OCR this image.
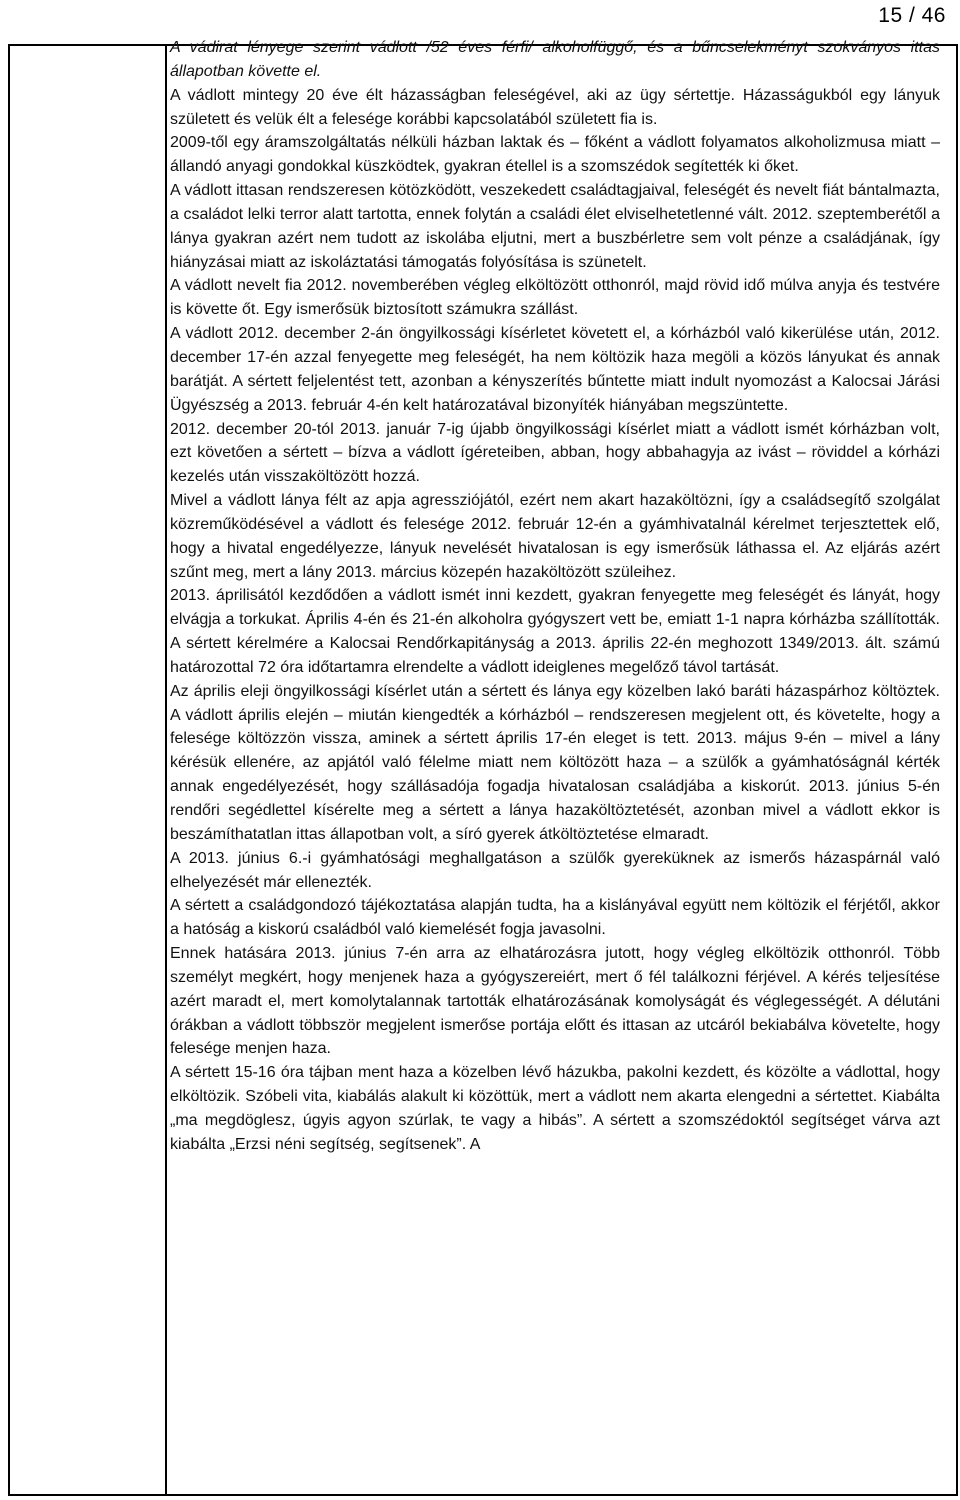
15 / 46

A vádirat lényege szerint vádlott /52 éves férfi/ alkoholfüggő, és a bűncselekményt szokványos ittas állapotban követte el.

A vádlott mintegy 20 éve élt házasságban feleségével, aki az ügy sértettje. Házasságukból egy lányuk született és velük élt a felesége korábbi kapcsolatából született fia is.

2009-től egy áramszolgáltatás nélküli házban laktak és – főként a vádlott folyamatos alkoholizmusa miatt – állandó anyagi gondokkal küszködtek, gyakran étellel is a szomszédok segítették ki őket.

A vádlott ittasan rendszeresen kötözködött, veszekedett családtagjaival, feleségét és nevelt fiát bántalmazta, a családot lelki terror alatt tartotta, ennek folytán a családi élet elviselhetetlenné vált. 2012. szeptemberétől a lánya gyakran azért nem tudott az iskolába eljutni, mert a buszbérletre sem volt pénze a családjának, így hiányzásai miatt az iskoláztatási támogatás folyósítása is szünetelt.

A vádlott nevelt fia 2012. novemberében végleg elköltözött otthonról, majd rövid idő múlva anyja és testvére is követte őt. Egy ismerősük biztosított számukra szállást.

A vádlott 2012. december 2-án öngyilkossági kísérletet követett el, a kórházból való kikerülése után, 2012. december 17-én azzal fenyegette meg feleségét, ha nem költözik haza megöli a közös lányukat és annak barátját. A sértett feljelentést tett, azonban a kényszerítés bűntette miatt indult nyomozást a Kalocsai Járási Ügyészség a 2013. február 4-én kelt határozatával bizonyíték hiányában megszüntette.

2012. december 20-tól 2013. január 7-ig újabb öngyilkossági kísérlet miatt a vádlott ismét kórházban volt, ezt követően a sértett – bízva a vádlott ígéreteiben, abban, hogy abbahagyja az ivást – röviddel a kórházi kezelés után visszaköltözött hozzá.

Mivel a vádlott lánya félt az apja agressziójától, ezért nem akart hazaköltözni, így a családsegítő szolgálat közreműködésével a vádlott és felesége 2012. február 12-én a gyámhivatalnál kérelmet terjesztettek elő, hogy a hivatal engedélyezze, lányuk nevelését hivatalosan is egy ismerősük láthassa el. Az eljárás azért szűnt meg, mert a lány 2013. március közepén hazaköltözött szüleihez.

2013. áprilisától kezdődően a vádlott ismét inni kezdett, gyakran fenyegette meg feleségét és lányát, hogy elvágja a torkukat. Április 4-én és 21-én alkoholra gyógyszert vett be, emiatt 1-1 napra kórházba szállították. A sértett kérelmére a Kalocsai Rendőrkapitányság a 2013. április 22-én meghozott 1349/2013. ált. számú határozottal 72 óra időtartamra elrendelte a vádlott ideiglenes megelőző távol tartását.

Az április eleji öngyilkossági kísérlet után a sértett és lánya egy közelben lakó baráti házaspárhoz költöztek. A vádlott április elején – miután kiengedték a kórházból – rendszeresen megjelent ott, és követelte, hogy a felesége költözzön vissza, aminek a sértett április 17-én eleget is tett. 2013. május 9-én – mivel a lány kérésük ellenére, az apjától való félelme miatt nem költözött haza – a szülők a gyámhatóságnál kérték annak engedélyezését, hogy szállásadója fogadja hivatalosan családjába a kiskorút. 2013. június 5-én rendőri segédlettel kísérelte meg a sértett a lánya hazaköltöztetését, azonban mivel a vádlott ekkor is beszámíthatatlan ittas állapotban volt, a síró gyerek átköltöztetése elmaradt.

A 2013. június 6.-i gyámhatósági meghallgatáson a szülők gyereküknek az ismerős házaspárnál való elhelyezését már ellenezték.

A sértett a családgondozó tájékoztatása alapján tudta, ha a kislányával együtt nem költözik el férjétől, akkor a hatóság a kiskorú családból való kiemelését fogja javasolni.

Ennek hatására 2013. június 7-én arra az elhatározásra jutott, hogy végleg elköltözik otthonról. Több személyt megkért, hogy menjenek haza a gyógyszereiért, mert ő fél találkozni férjével. A kérés teljesítése azért maradt el, mert komolytalannak tartották elhatározásának komolyságát és véglegességét. A délutáni órákban a vádlott többször megjelent ismerőse portája előtt és ittasan az utcáról bekiabálva követelte, hogy felesége menjen haza.

A sértett 15-16 óra tájban ment haza a közelben lévő házukba, pakolni kezdett, és közölte a vádlottal, hogy elköltözik. Szóbeli vita, kiabálás alakult ki közöttük, mert a vádlott nem akarta elengedni a sértettet. Kiabálta „ma megdöglesz, úgyis agyon szúrlak, te vagy a hibás”. A sértett a szomszédoktól segítséget várva azt kiabálta „Erzsi néni segítség, segítsenek”. A
